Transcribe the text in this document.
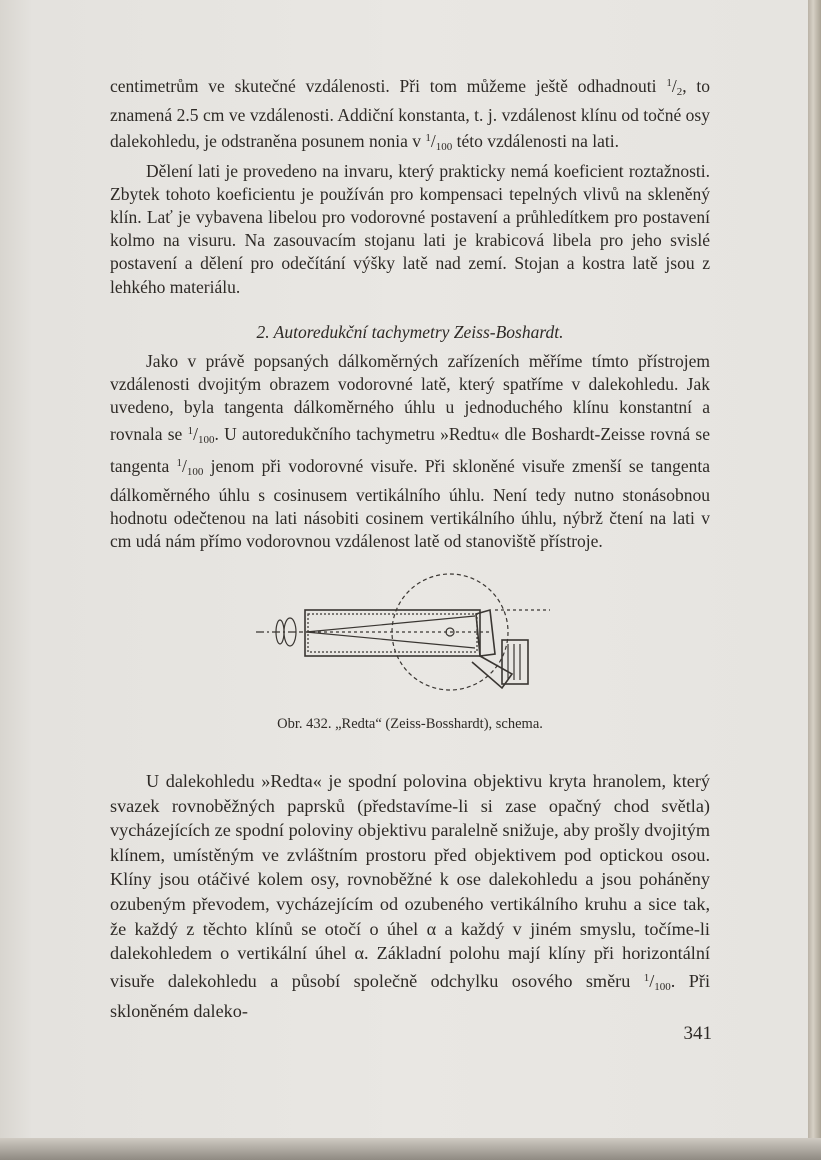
centimetrům ve skutečné vzdálenosti. Při tom můžeme ještě odhadnouti $^1/_2$, to znamená 2.5 cm ve vzdálenosti. Addiční konstanta, t. j. vzdálenost klínu od točné osy dalekohledu, je odstraněna posunem nonia v $^1/_{100}$ této vzdálenosti na lati.

Dělení lati je provedeno na invaru, který prakticky nemá koeficient roztažnosti. Zbytek tohoto koeficientu je používán pro kompensaci tepelných vlivů na skleněný klín. Lať je vybavena libelou pro vodorovné postavení a průhledítkem pro postavení kolmo na visuru. Na zasouvacím stojanu lati je krabicová libela pro jeho svislé postavení a dělení pro odečítání výšky latě nad zemí. Stojan a kostra latě jsou z lehkého materiálu.

2. Autoredukční tachymetry Zeiss-Boshardt.

Jako v právě popsaných dálkoměrných zařízeních měříme tímto přístrojem vzdálenosti dvojitým obrazem vodorovné latě, který spatříme v dalekohledu. Jak uvedeno, byla tangenta dálkoměrného úhlu u jednoduchého klínu konstantní a rovnala se $^1/_{100}$. U autoredukčního tachymetru »Redtu« dle Boshardt-Zeisse rovná se tangenta $^1/_{100}$ jenom při vodorovné visuře. Při skloněné visuře zmenší se tangenta dálkoměrného úhlu s cosinusem vertikálního úhlu. Není tedy nutno stonásobnou hodnotu odečtenou na lati násobiti cosinem vertikálního úhlu, nýbrž čtení na lati v cm udá nám přímo vodorovnou vzdálenost latě od stanoviště přístroje.

Obr. 432. „Redta“ (Zeiss-Bosshardt), schema.

U dalekohledu »Redta« je spodní polovina objektivu kryta hranolem, který svazek rovnoběžných paprsků (představíme-li si zase opačný chod světla) vycházejících ze spodní poloviny objektivu paralelně snižuje, aby prošly dvojitým klínem, umístěným ve zvláštním prostoru před objektivem pod optickou osou. Klíny jsou otáčivé kolem osy, rovnoběžné k ose dalekohledu a jsou poháněny ozubeným převodem, vycházejícím od ozubeného vertikálního kruhu a sice tak, že každý z těchto klínů se otočí o úhel α a každý v jiném smyslu, točíme-li dalekohledem o vertikální úhel α. Základní polohu mají klíny při horizontální visuře dalekohledu a působí společně odchylku osového směru $^1/_{100}$. Při skloněném daleko-

341
